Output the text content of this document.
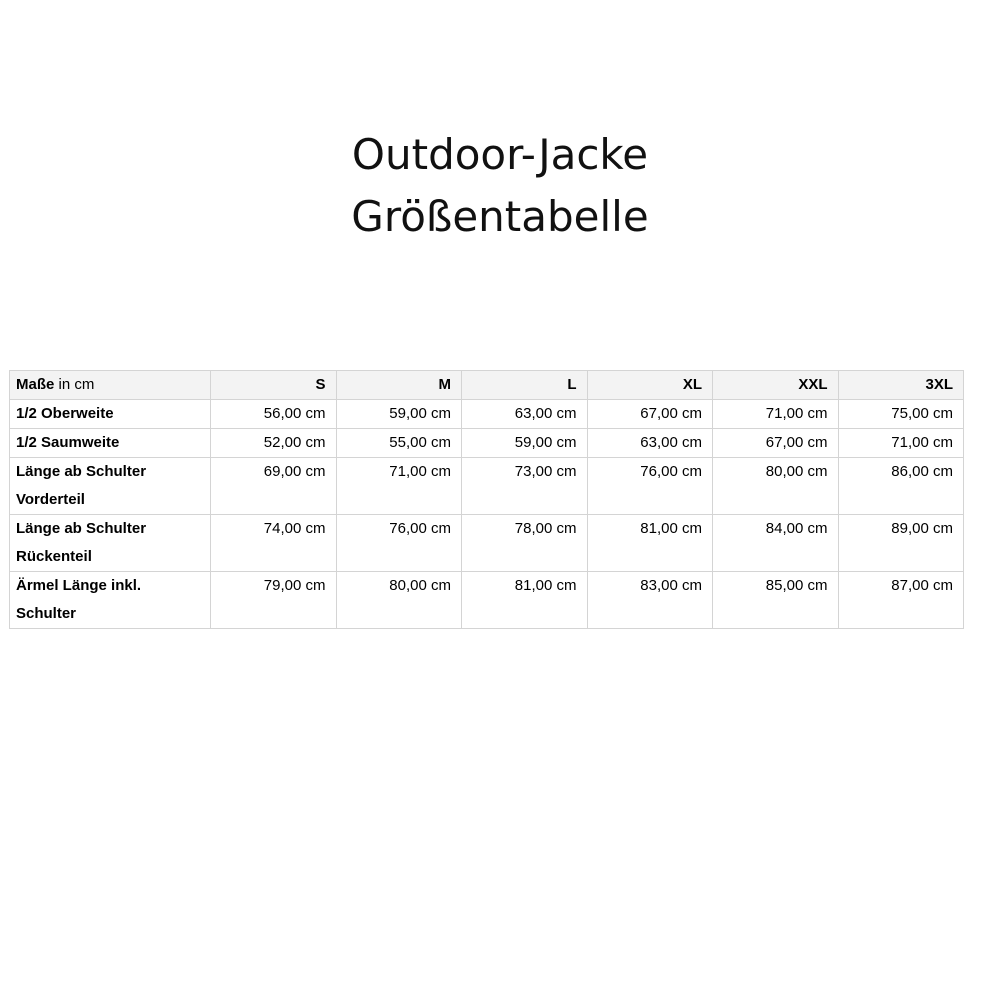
Outdoor-Jacke
Größentabelle
Maße in cm	S	M	L	XL	XXL	3XL

1/2 Oberweite	56,00 cm	59,00 cm	63,00 cm	67,00 cm	71,00 cm	75,00 cm

1/2 Saumweite	52,00 cm	55,00 cm	59,00 cm	63,00 cm	67,00 cm	71,00 cm

Länge ab Schulter
Vorderteil	69,00 cm	71,00 cm	73,00 cm	76,00 cm	80,00 cm	86,00 cm

Länge ab Schulter
Rückenteil	74,00 cm	76,00 cm	78,00 cm	81,00 cm	84,00 cm	89,00 cm

Ärmel Länge inkl.
Schulter	79,00 cm	80,00 cm	81,00 cm	83,00 cm	85,00 cm	87,00 cm
